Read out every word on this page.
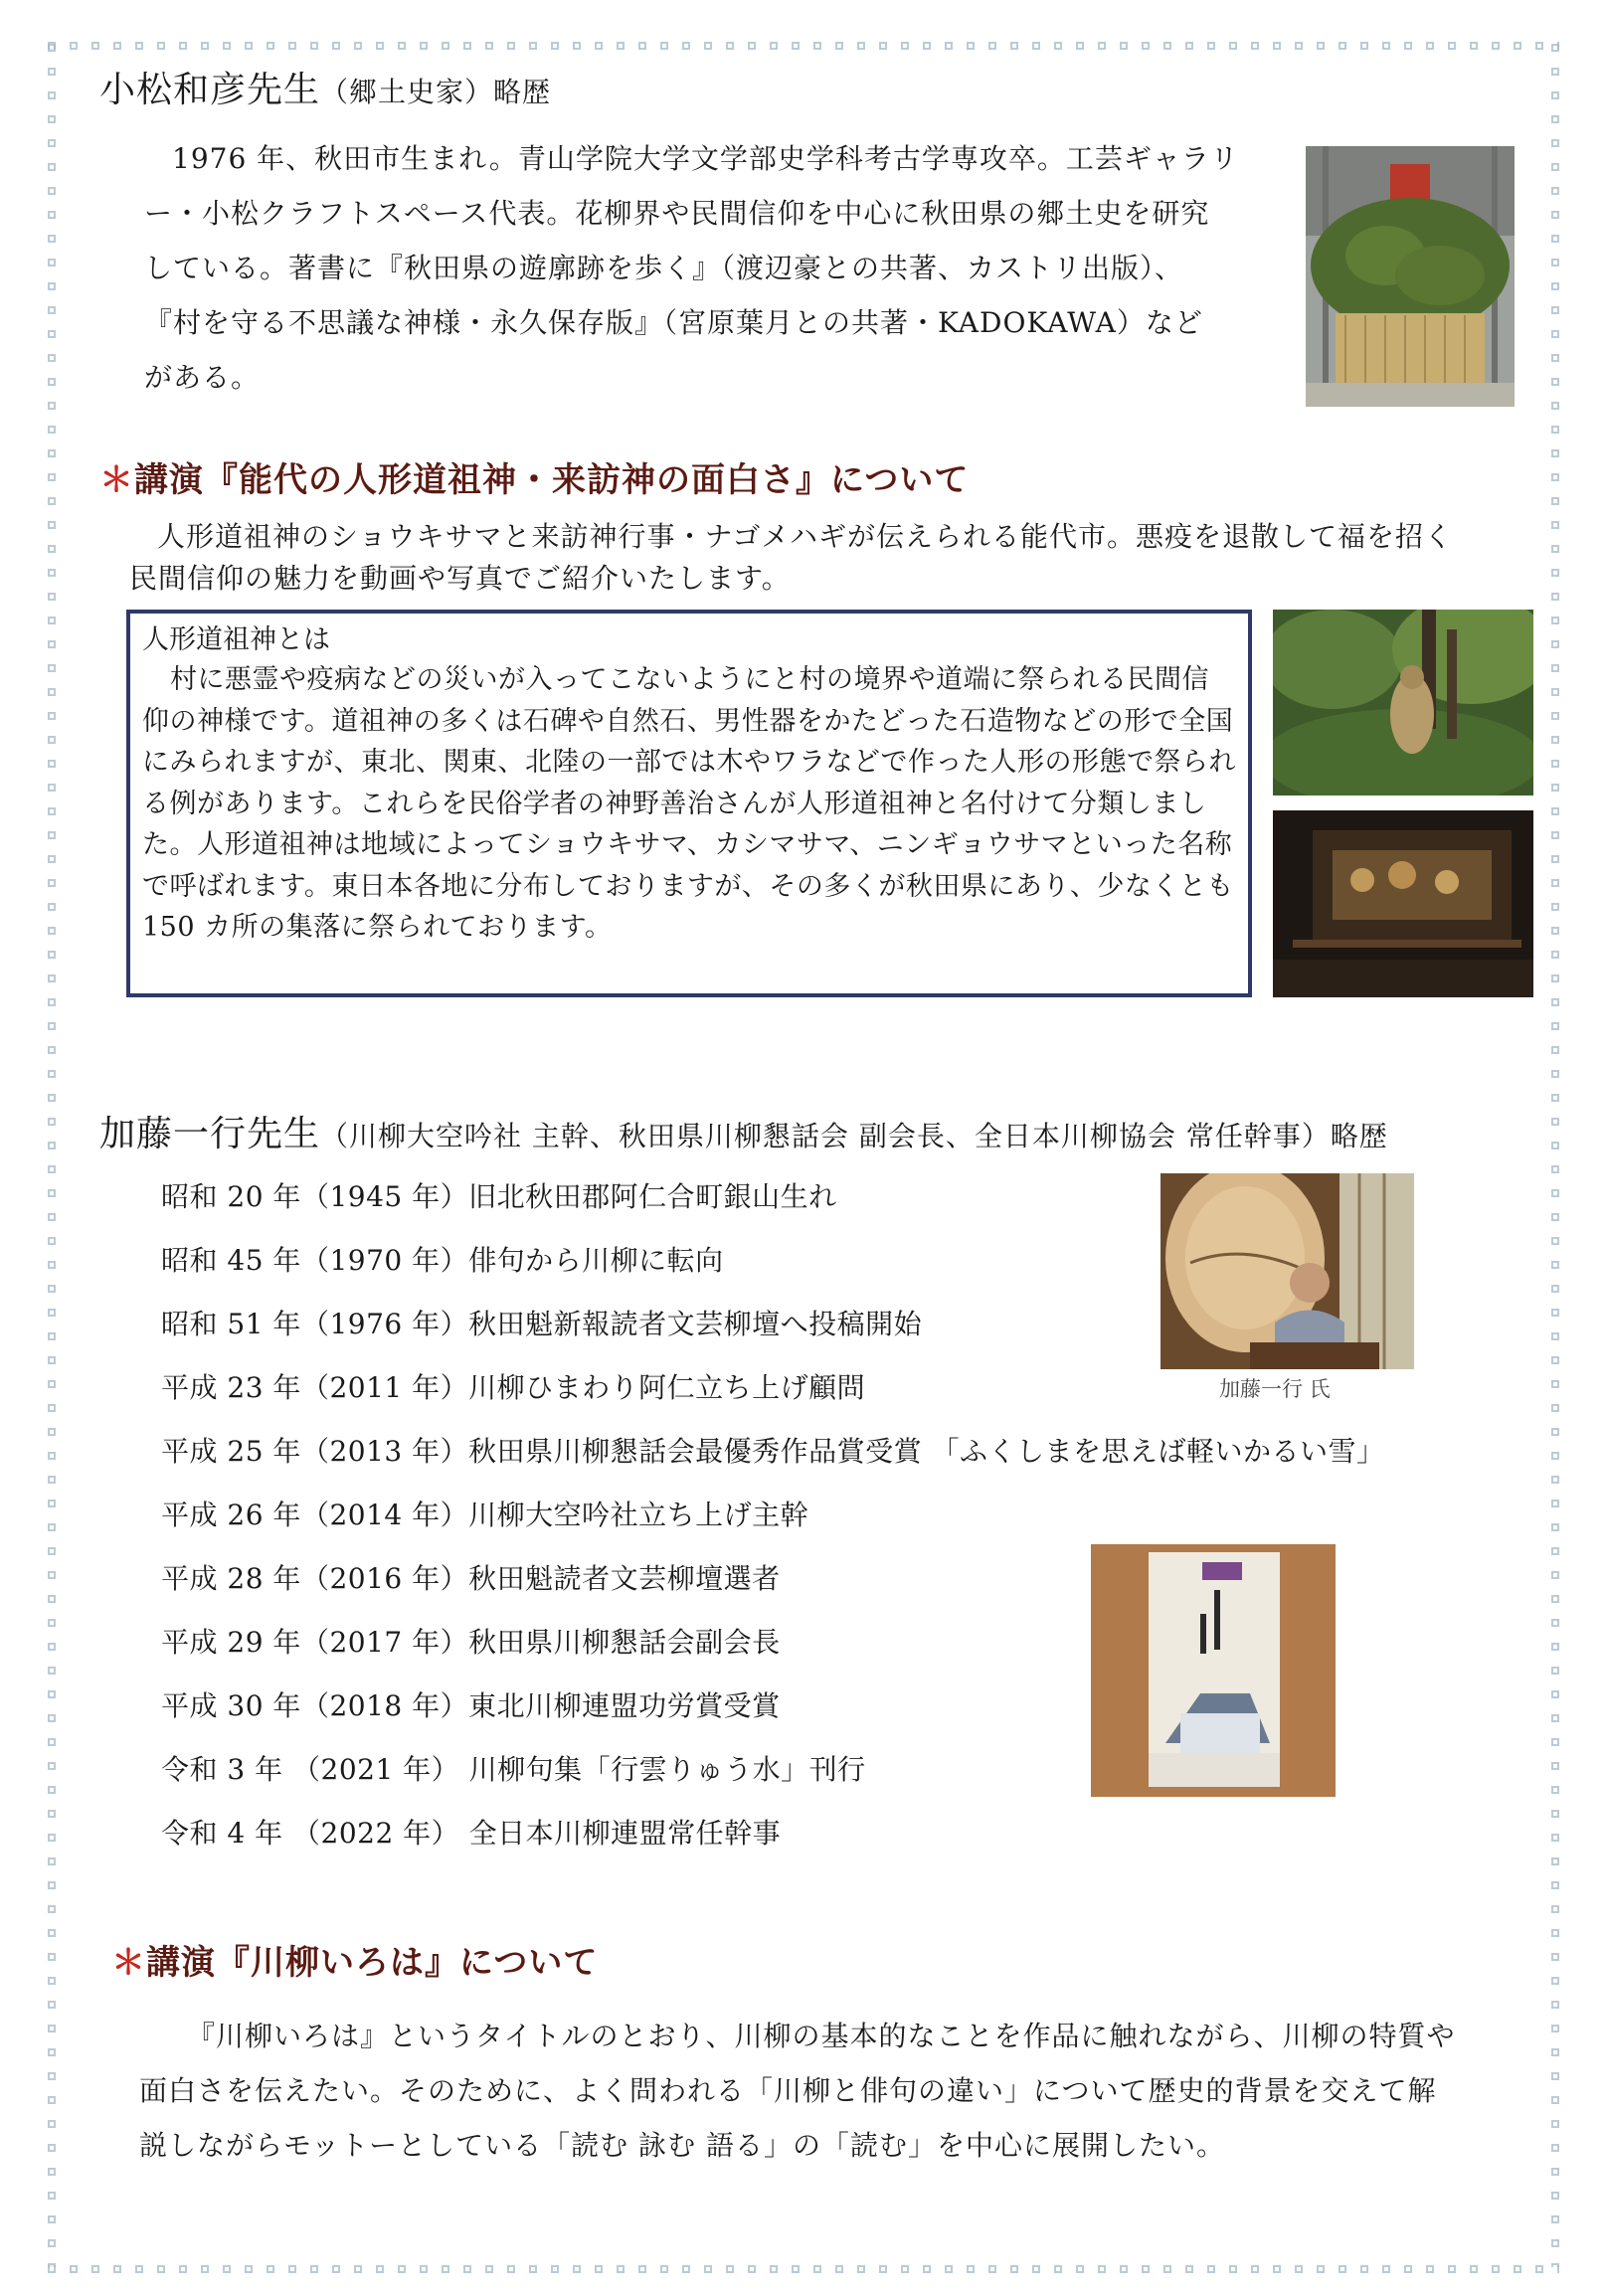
小松和彦先生（郷土史家）略歴
1976 年、秋田市生まれ。青山学院大学文学部史学科考古学専攻卒。工芸ギャラリ
ー・小松クラフトスペース代表。花柳界や民間信仰を中心に秋田県の郷土史を研究
している。著書に『秋田県の遊廓跡を歩く』（渡辺豪との共著、カストリ出版）、
『村を守る不思議な神様・永久保存版』（宮原葉月との共著・KADOKAWA）など
がある。
＊講演『能代の人形道祖神・来訪神の面白さ』について
人形道祖神のショウキサマと来訪神行事・ナゴメハギが伝えられる能代市。悪疫を退散して福を招く
民間信仰の魅力を動画や写真でご紹介いたします。
人形道祖神とは
村に悪霊や疫病などの災いが入ってこないようにと村の境界や道端に祭られる民間信仰の神様です。道祖神の多くは石碑や自然石、男性器をかたどった石造物などの形で全国にみられますが、東北、関東、北陸の一部では木やワラなどで作った人形の形態で祭られる例があります。これらを民俗学者の神野善治さんが人形道祖神と名付けて分類しました。人形道祖神は地域によってショウキサマ、カシマサマ、ニンギョウサマといった名称で呼ばれます。東日本各地に分布しておりますが、その多くが秋田県にあり、少なくとも 150 カ所の集落に祭られております。
加藤一行先生（川柳大空吟社 主幹、秋田県川柳懇話会 副会長、全日本川柳協会 常任幹事）略歴
昭和 20 年（1945 年）旧北秋田郡阿仁合町銀山生れ
昭和 45 年（1970 年）俳句から川柳に転向
昭和 51 年（1976 年）秋田魁新報読者文芸柳壇へ投稿開始
平成 23 年（2011 年）川柳ひまわり阿仁立ち上げ顧問
平成 25 年（2013 年）秋田県川柳懇話会最優秀作品賞受賞 「ふくしまを思えば軽いかるい雪」
平成 26 年（2014 年）川柳大空吟社立ち上げ主幹
平成 28 年（2016 年）秋田魁読者文芸柳壇選者
平成 29 年（2017 年）秋田県川柳懇話会副会長
平成 30 年（2018 年）東北川柳連盟功労賞受賞
令和 3 年 （2021 年） 川柳句集「行雲りゅう水」刊行
令和 4 年 （2022 年） 全日本川柳連盟常任幹事
加藤一行 氏
＊講演『川柳いろは』について
『川柳いろは』というタイトルのとおり、川柳の基本的なことを作品に触れながら、川柳の特質や
面白さを伝えたい。そのために、よく問われる「川柳と俳句の違い」について歴史的背景を交えて解
説しながらモットーとしている「読む 詠む 語る」の「読む」を中心に展開したい。
